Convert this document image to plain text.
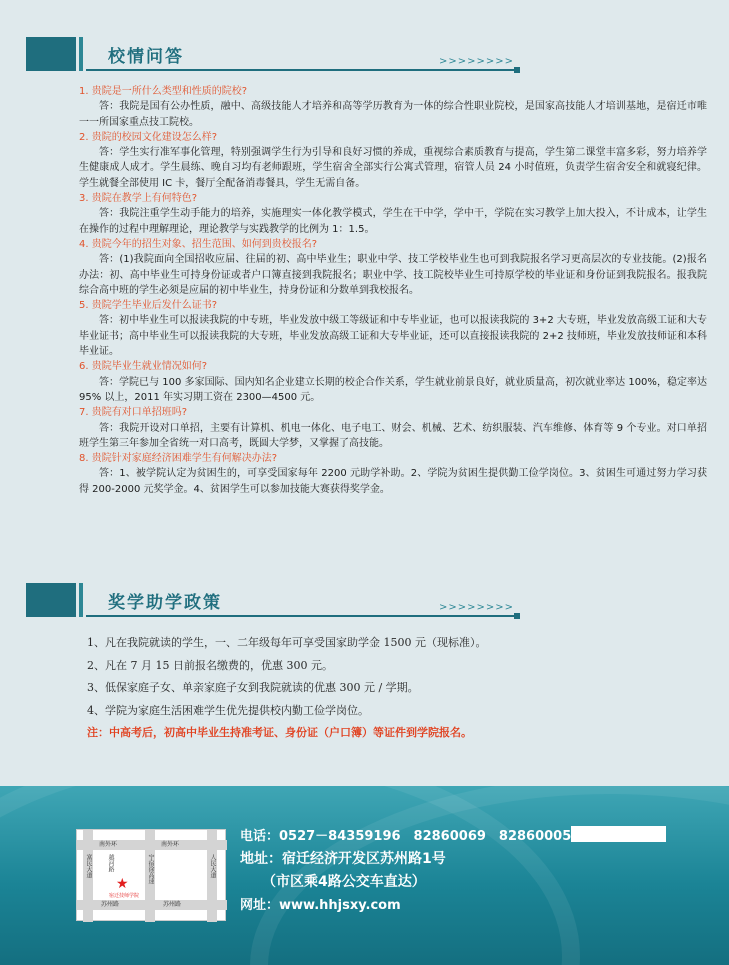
校情问答	>>>>>>>>
1. 贵院是一所什么类型和性质的院校?
答：我院是国有公办性质，融中、高级技能人才培养和高等学历教育为一体的综合性职业院校，是国家高技能人才培训基地，是宿迁市唯一一所国家重点技工院校。
2. 贵院的校园文化建设怎么样?
答：学生实行准军事化管理，特别强调学生行为引导和良好习惯的养成，重视综合素质教育与提高，学生第二课堂丰富多彩，努力培养学生健康成人成才。学生晨练、晚自习均有老师跟班，学生宿舍全部实行公寓式管理，宿管人员 24 小时值班，负责学生宿舍安全和就寝纪律。学生就餐全部使用 IC 卡，餐厅全配备消毒餐具，学生无需自备。
3. 贵院在教学上有何特色?
答：我院注重学生动手能力的培养，实施理实一体化教学模式，学生在干中学，学中干，学院在实习教学上加大投入，不计成本，让学生在操作的过程中理解理论，理论教学与实践教学的比例为 1：1.5。
4. 贵院今年的招生对象、招生范围、如何到贵校报名?
答：(1)我院面向全国招收应届、往届的初、高中毕业生；职业中学、技工学校毕业生也可到我院报名学习更高层次的专业技能。(2)报名办法：初、高中毕业生可持身份证或者户口簿直接到我院报名；职业中学、技工院校毕业生可持原学校的毕业证和身份证到我院报名。报我院综合高中班的学生必须是应届的初中毕业生，持身份证和分数单到我校报名。
5. 贵院学生毕业后发什么证书?
答：初中毕业生可以报读我院的中专班，毕业发放中级工等级证和中专毕业证，也可以报读我院的 3+2 大专班，毕业发放高级工证和大专毕业证书；高中毕业生可以报读我院的大专班，毕业发放高级工证和大专毕业证，还可以直接报读我院的 2+2 技师班，毕业发放技师证和本科毕业证。
6. 贵院毕业生就业情况如何?
答：学院已与 100 多家国际、国内知名企业建立长期的校企合作关系，学生就业前景良好，就业质量高，初次就业率达 100%，稳定率达 95% 以上，2011 年实习期工资在 2300—4500 元。
7. 贵院有对口单招班吗?
答：我院开设对口单招，主要有计算机、机电一体化、电子电工、财会、机械、艺术、纺织服装、汽车维修、体育等 9 个专业。对口单招班学生第三年参加全省统一对口高考，既圆大学梦，又掌握了高技能。
8. 贵院针对家庭经济困难学生有何解决办法?
答：1、被学院认定为贫困生的，可享受国家每年 2200 元助学补助。2、学院为贫困生提供勤工俭学岗位。3、贫困生可通过努力学习获得 200-2000 元奖学金。4、贫困学生可以参加技能大赛获得奖学金。
奖学助学政策	>>>>>>>>
1、凡在我院就读的学生，一、二年级每年可享受国家助学金 1500 元（现标准）。
2、凡在 7 月 15 日前报名缴费的，优惠 300 元。
3、低保家庭子女、单亲家庭子女到我院就读的优惠 300 元 / 学期。
4、学院为家庭生活困难学生优先提供校内勤工俭学岗位。
注：中高考后，初高中毕业生持准考证、身份证（户口簿）等证件到学院报名。
南外环	南外环
苏州路	苏州路
富民大道	宁宿徐高速	人民大道
越河路
★
宿迁技师学院
电话：0527－84359196　82860069　82860005
地址：宿迁经济开发区苏州路1号
（市区乘4路公交车直达）
网址：www.hhjsxy.com
